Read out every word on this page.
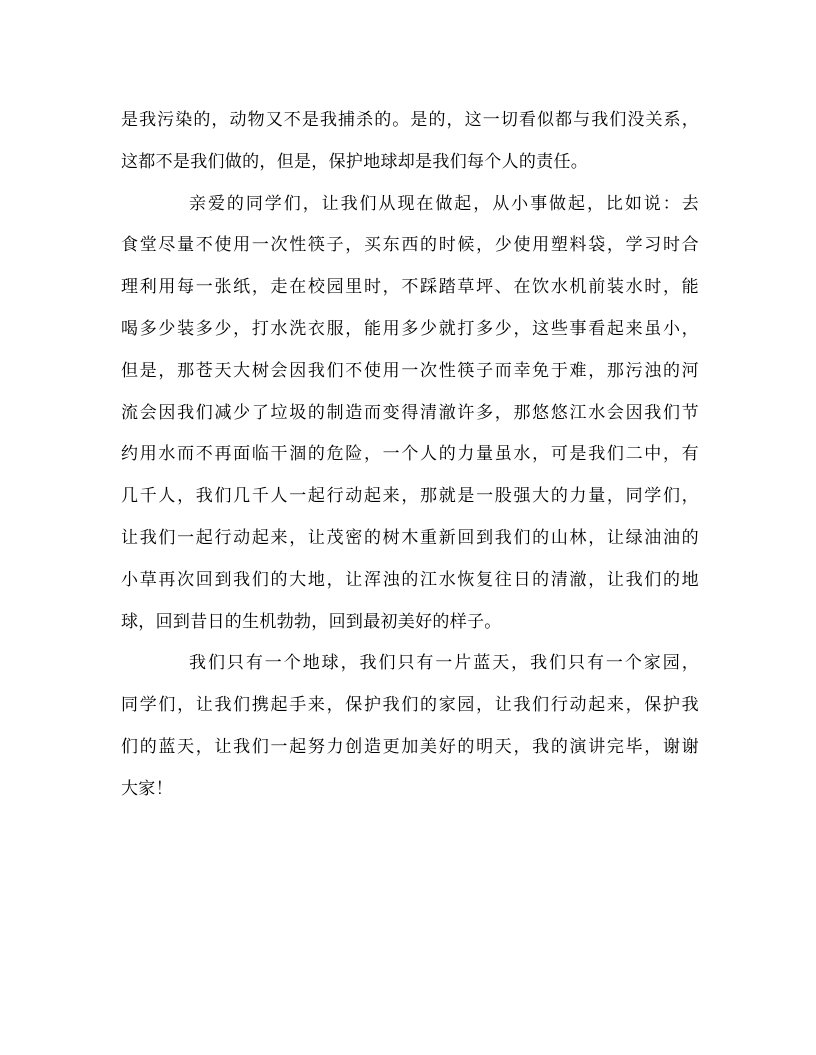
是我污染的，动物又不是我捕杀的。是的，这一切看似都与我们没关系，
这都不是我们做的，但是，保护地球却是我们每个人的责任。
亲爱的同学们，让我们从现在做起，从小事做起，比如说：去
食堂尽量不使用一次性筷子，买东西的时候，少使用塑料袋，学习时合
理利用每一张纸，走在校园里时，不踩踏草坪、在饮水机前装水时，能
喝多少装多少，打水洗衣服，能用多少就打多少，这些事看起来虽小，
但是，那苍天大树会因我们不使用一次性筷子而幸免于难，那污浊的河
流会因我们减少了垃圾的制造而变得清澈许多，那悠悠江水会因我们节
约用水而不再面临干涸的危险，一个人的力量虽水，可是我们二中，有
几千人，我们几千人一起行动起来，那就是一股强大的力量，同学们，
让我们一起行动起来，让茂密的树木重新回到我们的山林，让绿油油的
小草再次回到我们的大地，让浑浊的江水恢复往日的清澈，让我们的地
球，回到昔日的生机勃勃，回到最初美好的样子。
我们只有一个地球，我们只有一片蓝天，我们只有一个家园，
同学们，让我们携起手来，保护我们的家园，让我们行动起来，保护我
们的蓝天，让我们一起努力创造更加美好的明天，我的演讲完毕，谢谢
大家！
